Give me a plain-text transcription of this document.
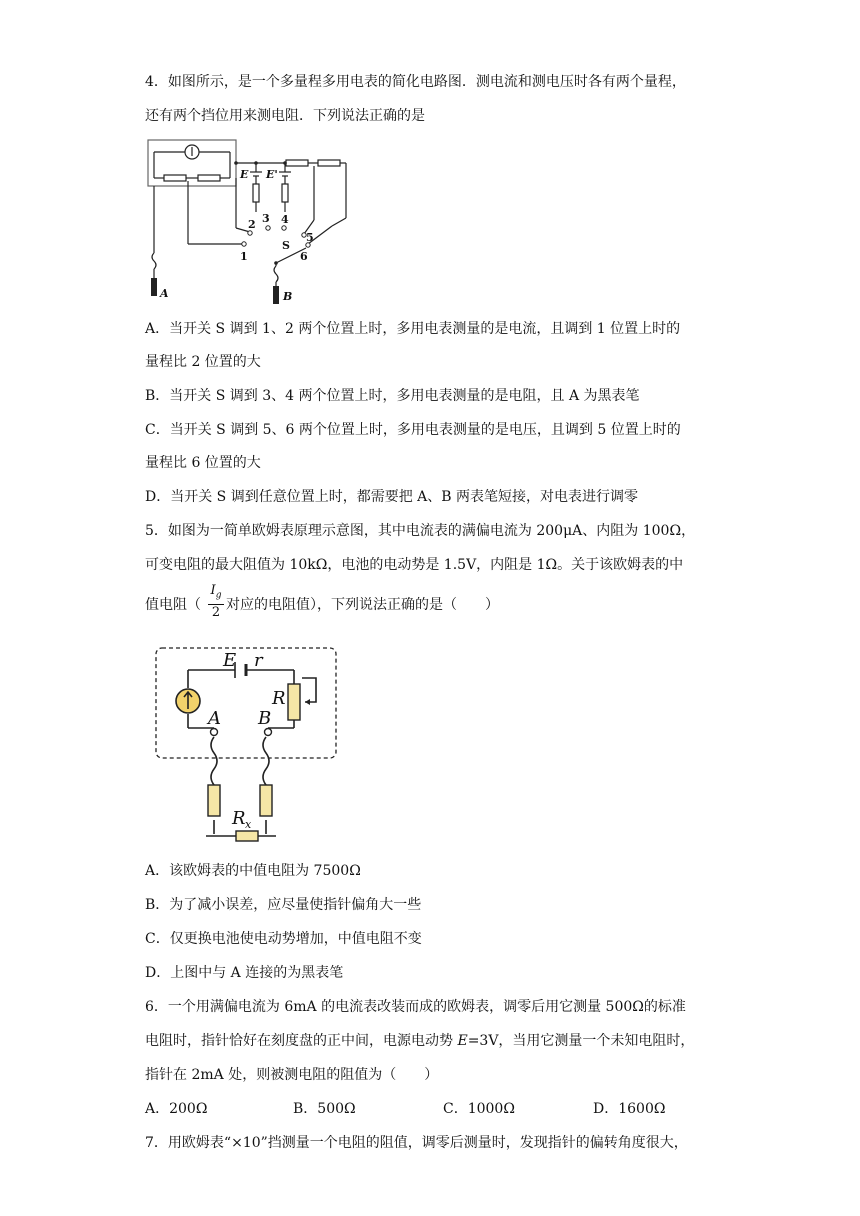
4．如图所示，是一个多量程多用电表的简化电路图．测电流和测电压时各有两个量程，
还有两个挡位用来测电阻．下列说法正确的是
E E'
A	B
2 3 4
5
6
1
S
A．当开关 S 调到 1、2 两个位置上时，多用电表测量的是电流，且调到 1 位置上时的
量程比 2 位置的大
B．当开关 S 调到 3、4 两个位置上时，多用电表测量的是电阻，且 A 为黑表笔
C．当开关 S 调到 5、6 两个位置上时，多用电表测量的是电压，且调到 5 位置上时的
量程比 6 位置的大
D．当开关 S 调到任意位置上时，都需要把 A、B 两表笔短接，对电表进行调零
5．如图为一简单欧姆表原理示意图，其中电流表的满偏电流为 200μA、内阻为 100Ω，
可变电阻的最大阻值为 10kΩ，电池的电动势是 1.5V，内阻是 1Ω。关于该欧姆表的中
值电阻（
$I_g$
2 对应的电阻值），下列说法正确的是（　　）
E r
R
A B
R x
A．该欧姆表的中值电阻为 7500Ω
B．为了减小误差，应尽量使指针偏角大一些
C．仅更换电池使电动势增加，中值电阻不变
D．上图中与 A 连接的为黑表笔
6．一个用满偏电流为 6mA 的电流表改装而成的欧姆表，调零后用它测量 500Ω的标准
电阻时，指针恰好在刻度盘的正中间，电源电动势 E=3V，当用它测量一个未知电阻时，
指针在 2mA 处，则被测电阻的阻值为（　　）
A．200Ω	B．500Ω	C．1000Ω	D．1600Ω
7．用欧姆表“×10”挡测量一个电阻的阻值，调零后测量时，发现指针的偏转角度很大，
